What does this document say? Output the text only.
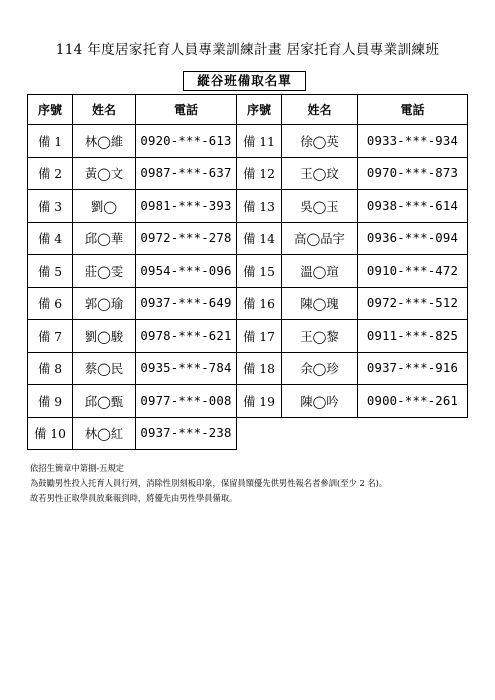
114 年度居家托育人員專業訓練計畫 居家托育人員專業訓練班
縱谷班備取名單
序號	姓名	電話	序號	姓名	電話
備 1	林◯維	0920-***-613	備 11	徐◯英	0933-***-934
備 2	黃◯文	0987-***-637	備 12	王◯玟	0970-***-873
備 3	劉◯	0981-***-393	備 13	吳◯玉	0938-***-614
備 4	邱◯華	0972-***-278	備 14	高◯品宇	0936-***-094
備 5	莊◯雯	0954-***-096	備 15	溫◯瑄	0910-***-472
備 6	郭◯瑜	0937-***-649	備 16	陳◯瑰	0972-***-512
備 7	劉◯駿	0978-***-621	備 17	王◯黎	0911-***-825
備 8	蔡◯民	0935-***-784	備 18	余◯珍	0937-***-916
備 9	邱◯甄	0977-***-008	備 19	陳◯吟	0900-***-261
備 10	林◯紅	0937-***-238			
依招生簡章中第捌-五規定
為鼓勵男性投入托育人員行列，消除性別刻板印象，保留員額優先供男性報名者參訓(至少 2 名)。
故若男性正取學員放棄報到時，將優先由男性學員備取。
